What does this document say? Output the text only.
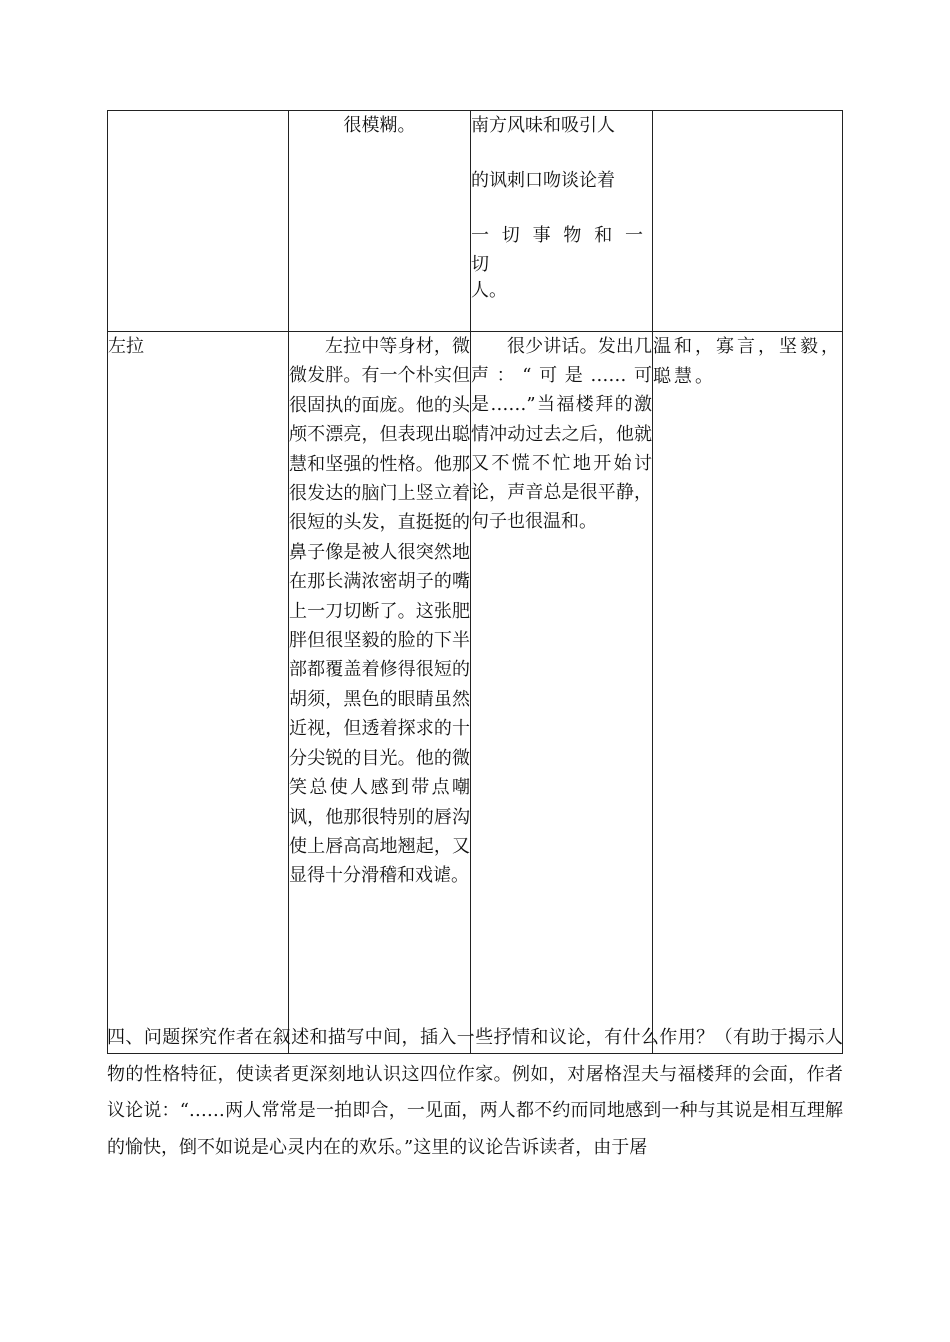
	很模糊。	南方风味和吸引人
的讽刺口吻谈论着
一切事物和一切
人。	

左拉	左拉中等身材，微微发胖。有一个朴实但很固执的面庞。他的头颅不漂亮，但表现出聪慧和坚强的性格。他那很发达的脑门上竖立着很短的头发，直挺挺的鼻子像是被人很突然地在那长满浓密胡子的嘴上一刀切断了。这张肥胖但很坚毅的脸的下半部都覆盖着修得很短的胡须，黑色的眼睛虽然近视，但透着探求的十分尖锐的目光。他的微笑总使人感到带点嘲讽，他那很特别的唇沟使上唇高高地翘起，又显得十分滑稽和戏谑。	很少讲话。发出几声：“可是……可是……”当福楼拜的激情冲动过去之后，他就又不慌不忙地开始讨论，声音总是很平静，句子也很温和。	温和，寡言，坚毅，聪慧。

四、问题探究作者在叙述和描写中间，插入一些抒情和议论，有什么作用？（有助于揭示人物的性格特征，使读者更深刻地认识这四位作家。例如，对屠格涅夫与福楼拜的会面，作者议论说：“……两人常常是一拍即合，一见面，两人都不约而同地感到一种与其说是相互理解的愉快，倒不如说是心灵内在的欢乐。”这里的议论告诉读者，由于屠
